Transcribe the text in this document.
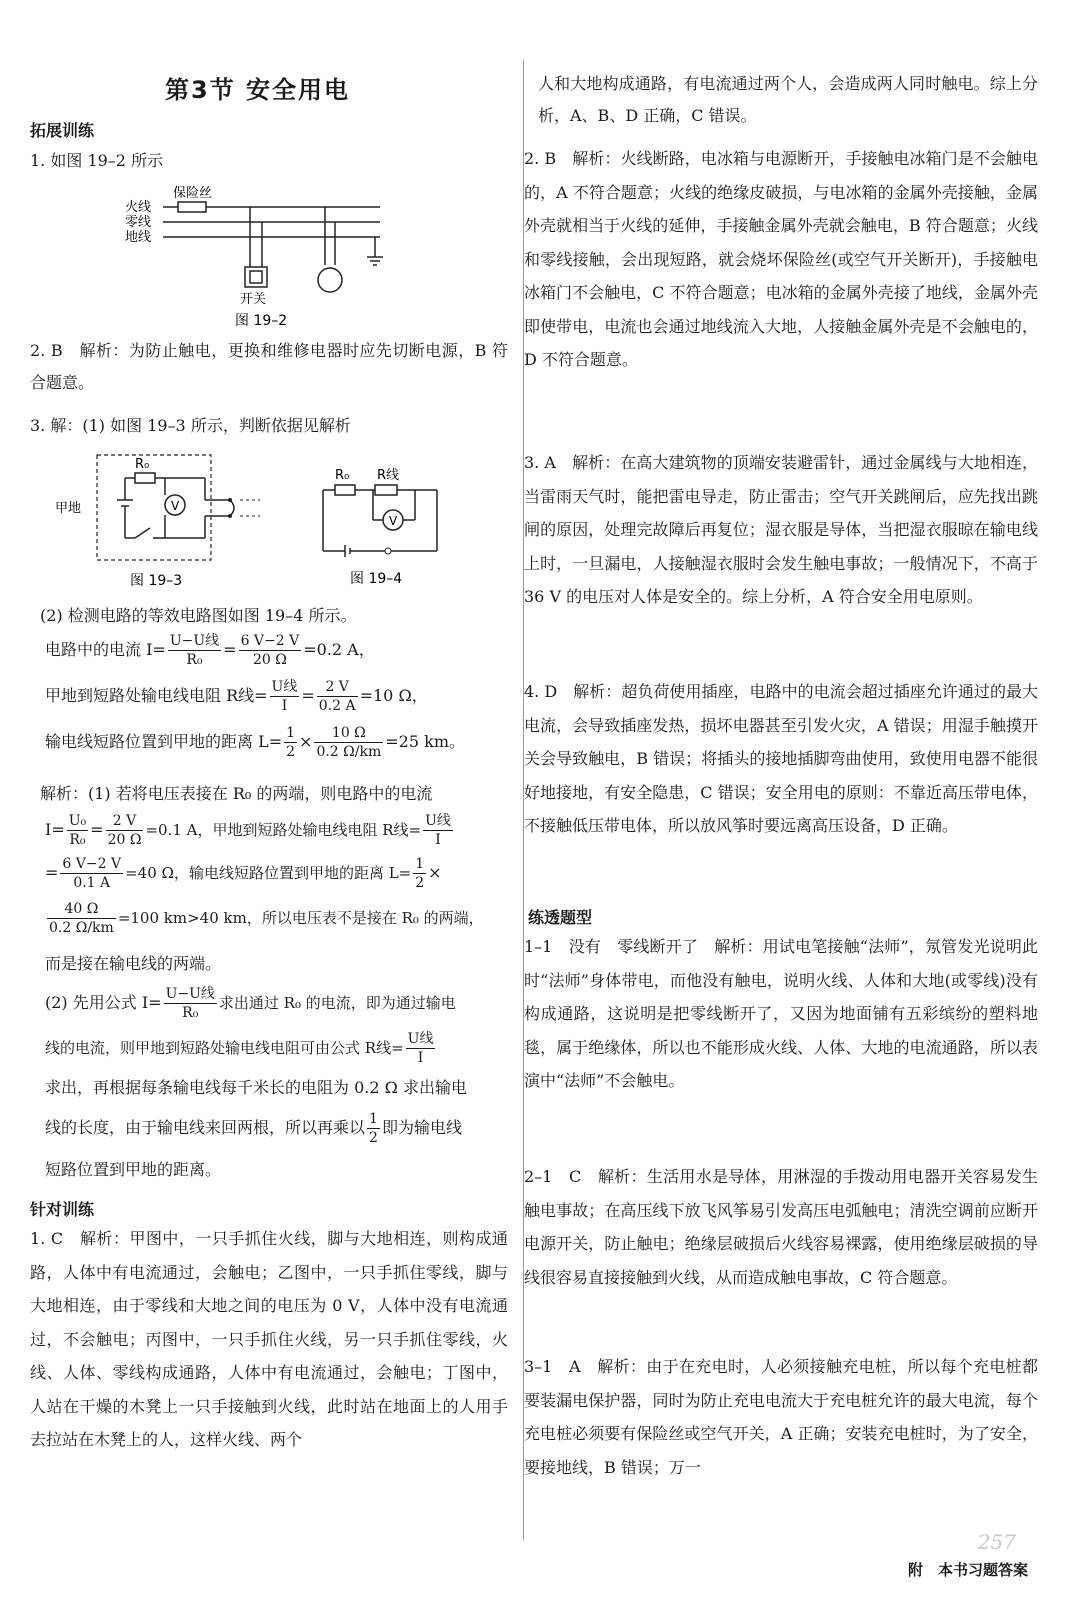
第3节 安全用电
拓展训练
1. 如图 19–2 所示
火线
零线
地线
保险丝
开关
图 19–2
2. B　解析：为防止触电，更换和维修电器时应先切断电源，B 符合题意。
3. 解：(1) 如图 19–3 所示，判断依据见解析
甲地
R₀
V
图 19–3
R₀ R线
V
图 19–4
(2) 检测电路的等效电路图如图 19–4 所示。
电路中的电流 $I= \frac{\text{U−U线}}{\text{R₀}} = \frac{6 V-2 V}{20 \Omega} =0.2$ A，
甲地到短路处输电线电阻 R线= $\frac{\text{U线}}{I} = \frac{2 V}{0.2 A} =10$ Ω，
输电线短路位置到甲地的距离 $L= \frac{1}{2} \times \frac{10 \Omega}{0.2 \Omega/km} =25$ km。
解析：(1) 若将电压表接在 R₀ 的两端，则电路中的电流
$I= \frac{\text{U₀}}{\text{R₀}} = \frac{2 V}{20 \Omega} =0.1$ A，甲地到短路处输电线电阻 R线= $\frac{\text{U线}}{I}$
= $\frac{6 V-2 V}{0.1 A} =40$ Ω，输电线短路位置到甲地的距离 $L= \frac{1}{2}$ ×
$\frac{40 \Omega}{0.2 \Omega/km} =100$ km>40 km，所以电压表不是接在 R₀ 的两端，
而是接在输电线的两端。
(2) 先用公式 $I= \frac{\text{U−U线}}{\text{R₀}}$ 求出通过 R₀ 的电流，即为通过输电
线的电流，则甲地到短路处输电线电阻可由公式 R线= $\frac{\text{U线}}{I}$
求出，再根据每条输电线每千米长的电阻为 0.2 Ω 求出输电
线的长度，由于输电线来回两根，所以再乘以 $\frac{1}{2}$ 即为输电线
短路位置到甲地的距离。
针对训练
1. C　解析：甲图中，一只手抓住火线，脚与大地相连，则构成通路，人体中有电流通过，会触电；乙图中，一只手抓住零线，脚与大地相连，由于零线和大地之间的电压为 0 V，人体中没有电流通过，不会触电；丙图中，一只手抓住火线，另一只手抓住零线，火线、人体、零线构成通路，人体中有电流通过，会触电；丁图中，人站在干燥的木凳上一只手接触到火线，此时站在地面上的人用手去拉站在木凳上的人，这样火线、两个
人和大地构成通路，有电流通过两个人，会造成两人同时触电。综上分析，A、B、D 正确，C 错误。
2. B　解析：火线断路，电冰箱与电源断开，手接触电冰箱门是不会触电的，A 不符合题意；火线的绝缘皮破损，与电冰箱的金属外壳接触，金属外壳就相当于火线的延伸，手接触金属外壳就会触电，B 符合题意；火线和零线接触，会出现短路，就会烧坏保险丝(或空气开关断开)，手接触电冰箱门不会触电，C 不符合题意；电冰箱的金属外壳接了地线，金属外壳即使带电，电流也会通过地线流入大地，人接触金属外壳是不会触电的，D 不符合题意。
3. A　解析：在高大建筑物的顶端安装避雷针，通过金属线与大地相连，当雷雨天气时，能把雷电导走，防止雷击；空气开关跳闸后，应先找出跳闸的原因，处理完故障后再复位；湿衣服是导体，当把湿衣服晾在输电线上时，一旦漏电，人接触湿衣服时会发生触电事故；一般情况下，不高于 36 V 的电压对人体是安全的。综上分析，A 符合安全用电原则。
4. D　解析：超负荷使用插座，电路中的电流会超过插座允许通过的最大电流，会导致插座发热，损坏电器甚至引发火灾，A 错误；用湿手触摸开关会导致触电，B 错误；将插头的接地插脚弯曲使用，致使用电器不能很好地接地，有安全隐患，C 错误；安全用电的原则：不靠近高压带电体，不接触低压带电体，所以放风筝时要远离高压设备，D 正确。
练透题型
1–1　没有　零线断开了　解析：用试电笔接触“法师”，氖管发光说明此时“法师”身体带电，而他没有触电，说明火线、人体和大地(或零线)没有构成通路，这说明是把零线断开了，又因为地面铺有五彩缤纷的塑料地毯，属于绝缘体，所以也不能形成火线、人体、大地的电流通路，所以表演中“法师”不会触电。
2–1　C　解析：生活用水是导体，用淋湿的手拨动用电器开关容易发生触电事故；在高压线下放飞风筝易引发高压电弧触电；清洗空调前应断开电源开关，防止触电；绝缘层破损后火线容易裸露，使用绝缘层破损的导线很容易直接接触到火线，从而造成触电事故，C 符合题意。
3–1　A　解析：由于在充电时，人必须接触充电桩，所以每个充电桩都要装漏电保护器，同时为防止充电电流大于充电桩允许的最大电流，每个充电桩必须要有保险丝或空气开关，A 正确；安装充电桩时，为了安全，要接地线，B 错误；万一
257
附　本书习题答案
